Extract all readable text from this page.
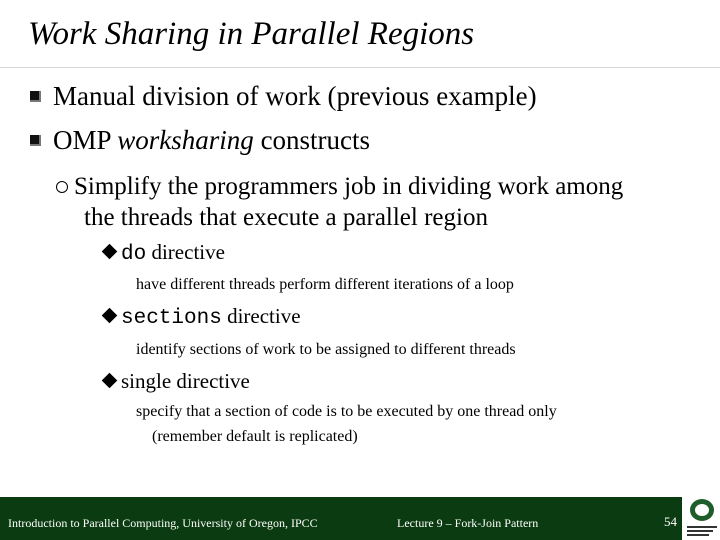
Work Sharing in Parallel Regions
Manual division of work (previous example)
OMP worksharing constructs
Simplify the programmers job in dividing work among
the threads that execute a parallel region
do directive
have different threads perform different iterations of a loop
sections directive
identify sections of work to be assigned to different threads
single directive
specify that a section of code is to be executed by one thread only
(remember default is replicated)
Introduction to Parallel Computing, University of Oregon, IPCC	Lecture 9 – Fork-Join Pattern	54
